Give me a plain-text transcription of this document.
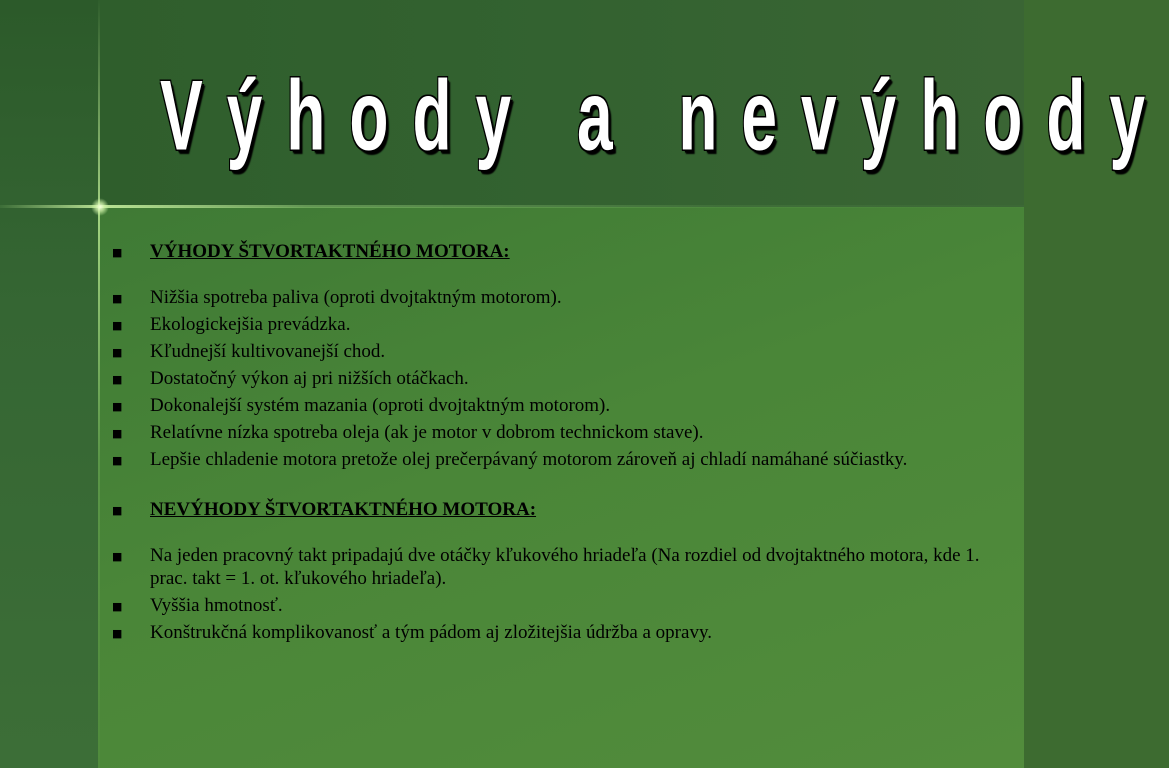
Výhody a nevýhody
■ VÝHODY ŠTVORTAKTNÉHO MOTORA:
■ Nižšia spotreba paliva (oproti dvojtaktným motorom).
■ Ekologickejšia prevádzka.
■ Kľudnejší kultivovanejší chod.
■ Dostatočný výkon aj pri nižších otáčkach.
■ Dokonalejší systém mazania (oproti dvojtaktným motorom).
■ Relatívne nízka spotreba oleja (ak je motor v dobrom technickom stave).
■ Lepšie chladenie motora pretože olej prečerpávaný motorom zároveň aj chladí namáhané súčiastky.
■ NEVÝHODY ŠTVORTAKTNÉHO MOTORA:
■ Na jeden pracovný takt pripadajú dve otáčky kľukového hriadeľa (Na rozdiel od dvojtaktného motora, kde 1. prac. takt = 1. ot. kľukového hriadeľa).
■ Vyššia hmotnosť.
■ Konštrukčná komplikovanosť a tým pádom aj zložitejšia údržba a opravy.
